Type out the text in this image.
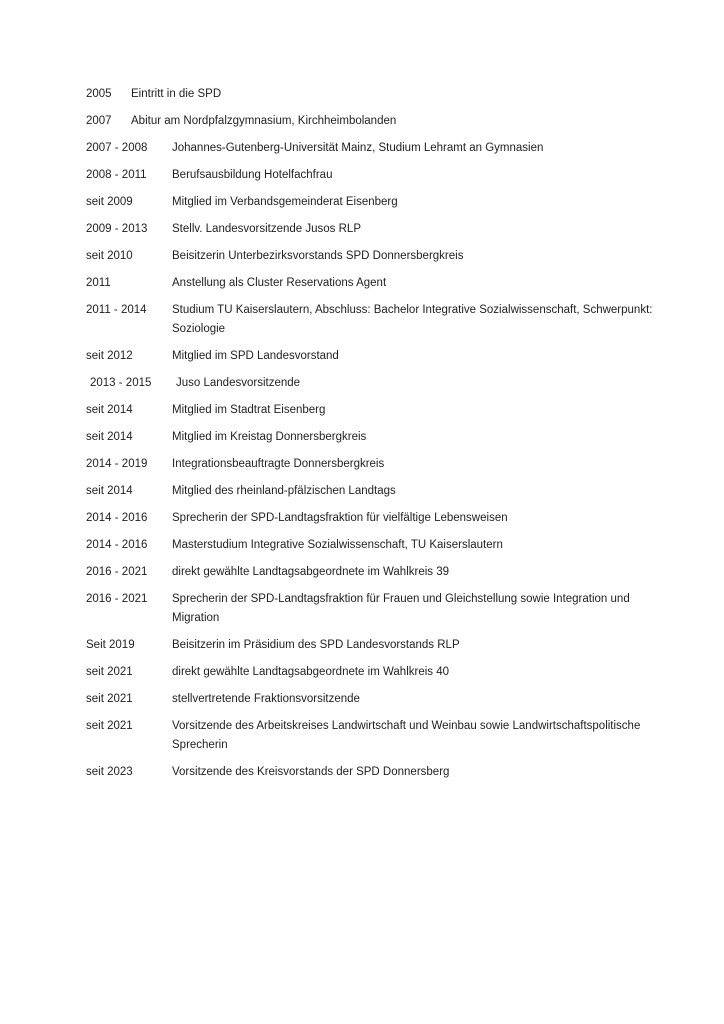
2005	Eintritt in die SPD
2007	Abitur am Nordpfalzgymnasium, Kirchheimbolanden
2007 - 2008	Johannes-Gutenberg-Universität Mainz, Studium Lehramt an Gymnasien
2008 - 2011	Berufsausbildung Hotelfachfrau
seit 2009	Mitglied im Verbandsgemeinderat Eisenberg
2009 - 2013	Stellv. Landesvorsitzende Jusos RLP
seit 2010	Beisitzerin Unterbezirksvorstands SPD Donnersbergkreis
2011	Anstellung als Cluster Reservations Agent
2011 - 2014	Studium TU Kaiserslautern, Abschluss: Bachelor Integrative Sozialwissenschaft, Schwerpunkt: Soziologie
seit 2012	Mitglied im SPD Landesvorstand
2013 - 2015	Juso Landesvorsitzende
seit 2014	Mitglied im Stadtrat Eisenberg
seit 2014	Mitglied im Kreistag Donnersbergkreis
2014 - 2019	Integrationsbeauftragte Donnersbergkreis
seit 2014	Mitglied des rheinland-pfälzischen Landtags
2014 - 2016	Sprecherin der SPD-Landtagsfraktion für vielfältige Lebensweisen
2014 - 2016	Masterstudium Integrative Sozialwissenschaft, TU Kaiserslautern
2016 - 2021	direkt gewählte Landtagsabgeordnete im Wahlkreis 39
2016 - 2021	Sprecherin der SPD-Landtagsfraktion für Frauen und Gleichstellung sowie Integration und Migration
Seit 2019	Beisitzerin im Präsidium des SPD Landesvorstands RLP
seit 2021	direkt gewählte Landtagsabgeordnete im Wahlkreis 40
seit 2021	stellvertretende Fraktionsvorsitzende
seit 2021	Vorsitzende des Arbeitskreises Landwirtschaft und Weinbau sowie Landwirtschaftspolitische Sprecherin
seit 2023	Vorsitzende des Kreisvorstands der SPD Donnersberg
